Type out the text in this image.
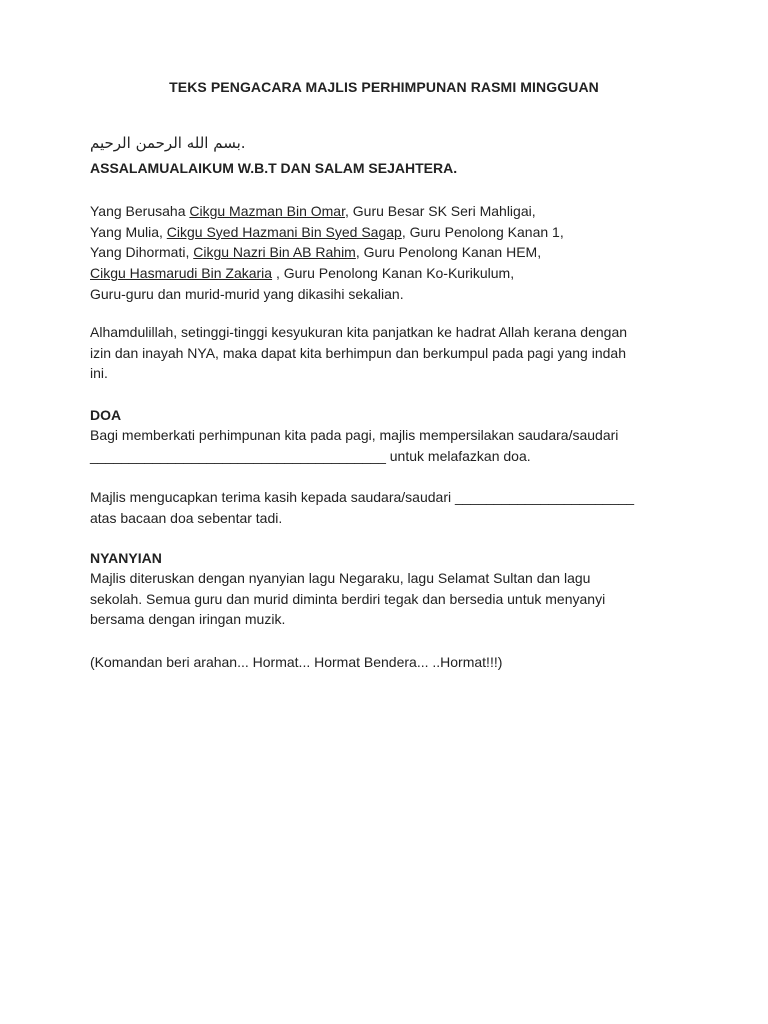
TEKS PENGACARA MAJLIS PERHIMPUNAN RASMI MINGGUAN
بسم الله الرحمن الرحيم.
ASSALAMUALAIKUM W.B.T DAN SALAM SEJAHTERA.
Yang Berusaha Cikgu Mazman Bin Omar, Guru Besar SK Seri Mahligai,
Yang Mulia, Cikgu Syed Hazmani Bin Syed Sagap, Guru Penolong Kanan 1,
Yang Dihormati, Cikgu Nazri Bin AB Rahim, Guru Penolong Kanan HEM,
Cikgu Hasmarudi Bin Zakaria , Guru Penolong Kanan Ko-Kurikulum,
Guru-guru dan murid-murid yang dikasihi sekalian.
Alhamdulillah, setinggi-tinggi kesyukuran kita panjatkan ke hadrat Allah kerana dengan
izin dan inayah NYA, maka dapat kita berhimpun dan berkumpul pada pagi yang indah
ini.
DOA
Bagi memberkati perhimpunan kita pada pagi, majlis mempersilakan saudara/saudari
______________________________________ untuk melafazkan doa.
Majlis mengucapkan terima kasih kepada saudara/saudari _______________________
atas bacaan doa sebentar tadi.
NYANYIAN
Majlis diteruskan dengan nyanyian lagu Negaraku, lagu Selamat Sultan dan lagu
sekolah. Semua guru dan murid diminta berdiri tegak dan bersedia untuk menyanyi
bersama dengan iringan muzik.
(Komandan beri arahan... Hormat... Hormat Bendera... ..Hormat!!!)
